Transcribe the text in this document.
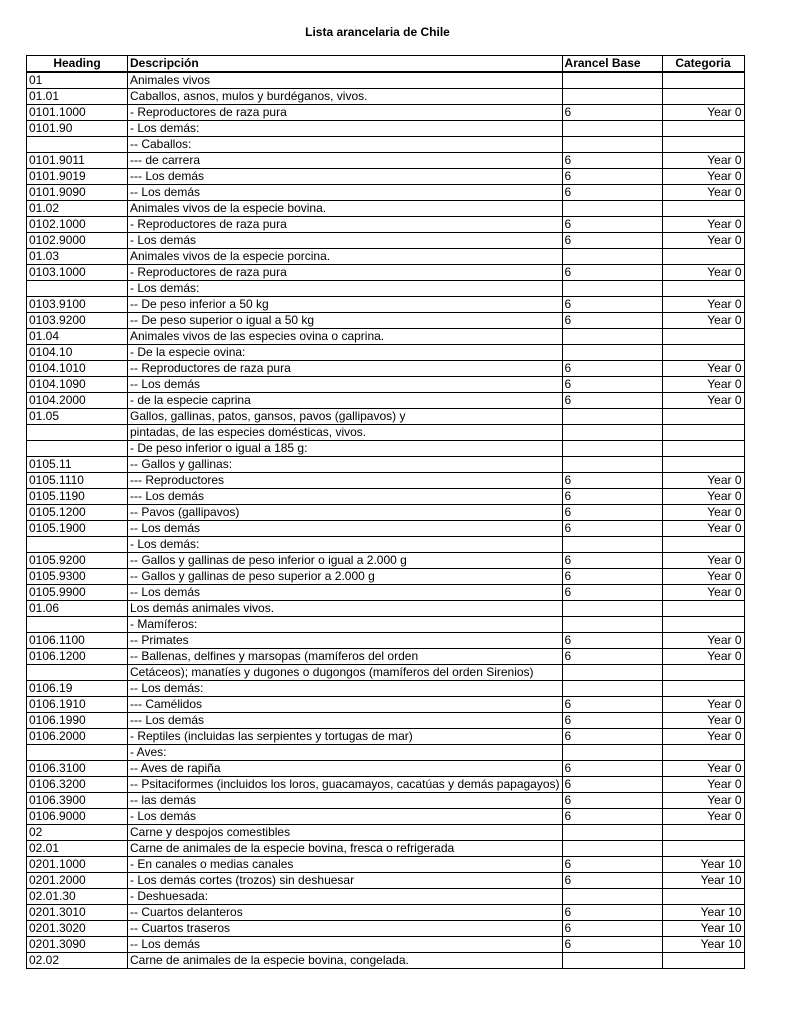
Lista arancelaria de Chile
Heading	Descripción	Arancel Base	Categoria
01	Animales vivos		
01.01	Caballos, asnos, mulos y burdéganos, vivos.		
0101.1000	- Reproductores de raza pura	6	Year 0
0101.90	- Los demás:		
	-- Caballos:		
0101.9011	--- de carrera	6	Year 0
0101.9019	--- Los demás	6	Year 0
0101.9090	-- Los demás	6	Year 0
01.02	Animales vivos de la especie bovina.		
0102.1000	- Reproductores de raza pura	6	Year 0
0102.9000	- Los demás	6	Year 0
01.03	Animales vivos de la especie porcina.		
0103.1000	- Reproductores de raza pura	6	Year 0
	- Los demás:		
0103.9100	-- De peso inferior a 50 kg	6	Year 0
0103.9200	-- De peso superior o igual a 50 kg	6	Year 0
01.04	Animales vivos de las especies ovina o caprina.		
0104.10	- De la especie ovina:		
0104.1010	-- Reproductores de raza pura	6	Year 0
0104.1090	-- Los demás	6	Year 0
0104.2000	- de la especie caprina	6	Year 0
01.05	Gallos, gallinas, patos, gansos, pavos (gallipavos) y		
	pintadas, de las especies domésticas, vivos.		
	- De peso inferior o igual a 185 g:		
0105.11	-- Gallos y gallinas:		
0105.1110	--- Reproductores	6	Year 0
0105.1190	--- Los demás	6	Year 0
0105.1200	-- Pavos (gallipavos)	6	Year 0
0105.1900	-- Los demás	6	Year 0
	- Los demás:		
0105.9200	-- Gallos y gallinas de peso inferior o igual a 2.000 g	6	Year 0
0105.9300	-- Gallos y gallinas de peso superior a 2.000 g	6	Year 0
0105.9900	-- Los demás	6	Year 0
01.06	Los demás animales vivos.		
	- Mamíferos:		
0106.1100	-- Primates	6	Year 0
0106.1200	-- Ballenas, delfines y marsopas (mamíferos del orden	6	Year 0
	Cetáceos); manatíes y dugones o dugongos (mamíferos del orden Sirenios)		
0106.19	-- Los demás:		
0106.1910	--- Camélidos	6	Year 0
0106.1990	--- Los demás	6	Year 0
0106.2000	- Reptiles (incluidas las serpientes y tortugas de mar)	6	Year 0
	- Aves:		
0106.3100	-- Aves de rapiña	6	Year 0
0106.3200	-- Psitaciformes (incluidos los loros, guacamayos, cacatúas y demás papagayos)	6	Year 0
0106.3900	-- las demás	6	Year 0
0106.9000	- Los demás	6	Year 0
02	Carne y despojos comestibles		
02.01	Carne de animales de la especie bovina, fresca o refrigerada		
0201.1000	- En canales o medias canales	6	Year 10
0201.2000	- Los demás cortes (trozos) sin deshuesar	6	Year 10
02.01.30	- Deshuesada:		
0201.3010	-- Cuartos delanteros	6	Year 10
0201.3020	-- Cuartos traseros	6	Year 10
0201.3090	-- Los demás	6	Year 10
02.02	Carne de animales de la especie bovina, congelada.		
